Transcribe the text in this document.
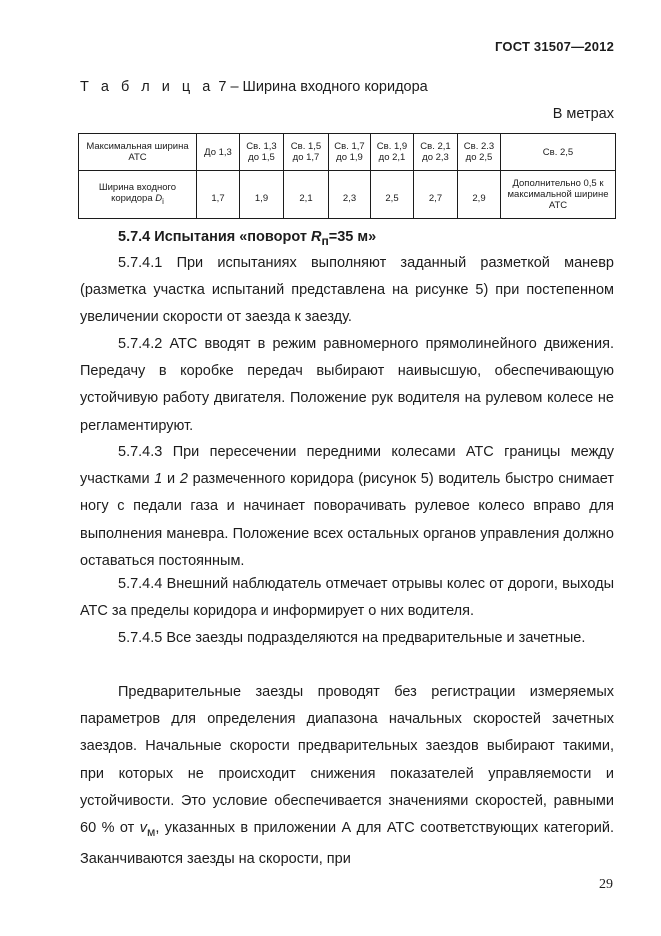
ГОСТ 31507—2012
Т а б л и ц а 7 – Ширина входного коридора
В метрах
Максимальная ширина АТС	До 1,3	Св. 1,3 до 1,5	Св. 1,5 до 1,7	Св. 1,7 до 1,9	Св. 1,9 до 2,1	Св. 2,1 до 2,3	Св. 2.3 до 2,5	Св. 2,5
Ширина входного коридора $D_i$	1,7	1,9	2,1	2,3	2,5	2,7	2,9	Дополнительно 0,5 к максимальной ширине АТС
5.7.4 Испытания «поворот $R_п=35$ м»

5.7.4.1 При испытаниях выполняют заданный разметкой маневр (разметка участка испытаний представлена на рисунке 5) при постепенном увеличении скорости от заезда к заезду.

5.7.4.2 АТС вводят в режим равномерного прямолинейного движения. Передачу в коробке передач выбирают наивысшую, обеспечивающую устойчивую работу двигателя. Положение рук водителя на рулевом колесе не регламентируют.

5.7.4.3 При пересечении передними колесами АТС границы между участками 1 и 2 размеченного коридора (рисунок 5) водитель быстро снимает ногу с педали газа и начинает поворачивать рулевое колесо вправо для выполнения маневра. Положение всех остальных органов управления должно оставаться постоянным.

5.7.4.4 Внешний наблюдатель отмечает отрывы колес от дороги, выходы АТС за пределы коридора и информирует о них водителя.

5.7.4.5 Все заезды подразделяются на предварительные и зачетные.

Предварительные заезды проводят без регистрации измеряемых параметров для определения диапазона начальных скоростей зачетных заездов. Начальные скорости предварительных заездов выбирают такими, при которых не происходит снижения показателей управляемости и устойчивости. Это условие обеспечивается значениями скоростей, равными 60 % от $v_м$, указанных в приложении А для АТС соответствующих категорий. Заканчиваются заезды на скорости, при

29
